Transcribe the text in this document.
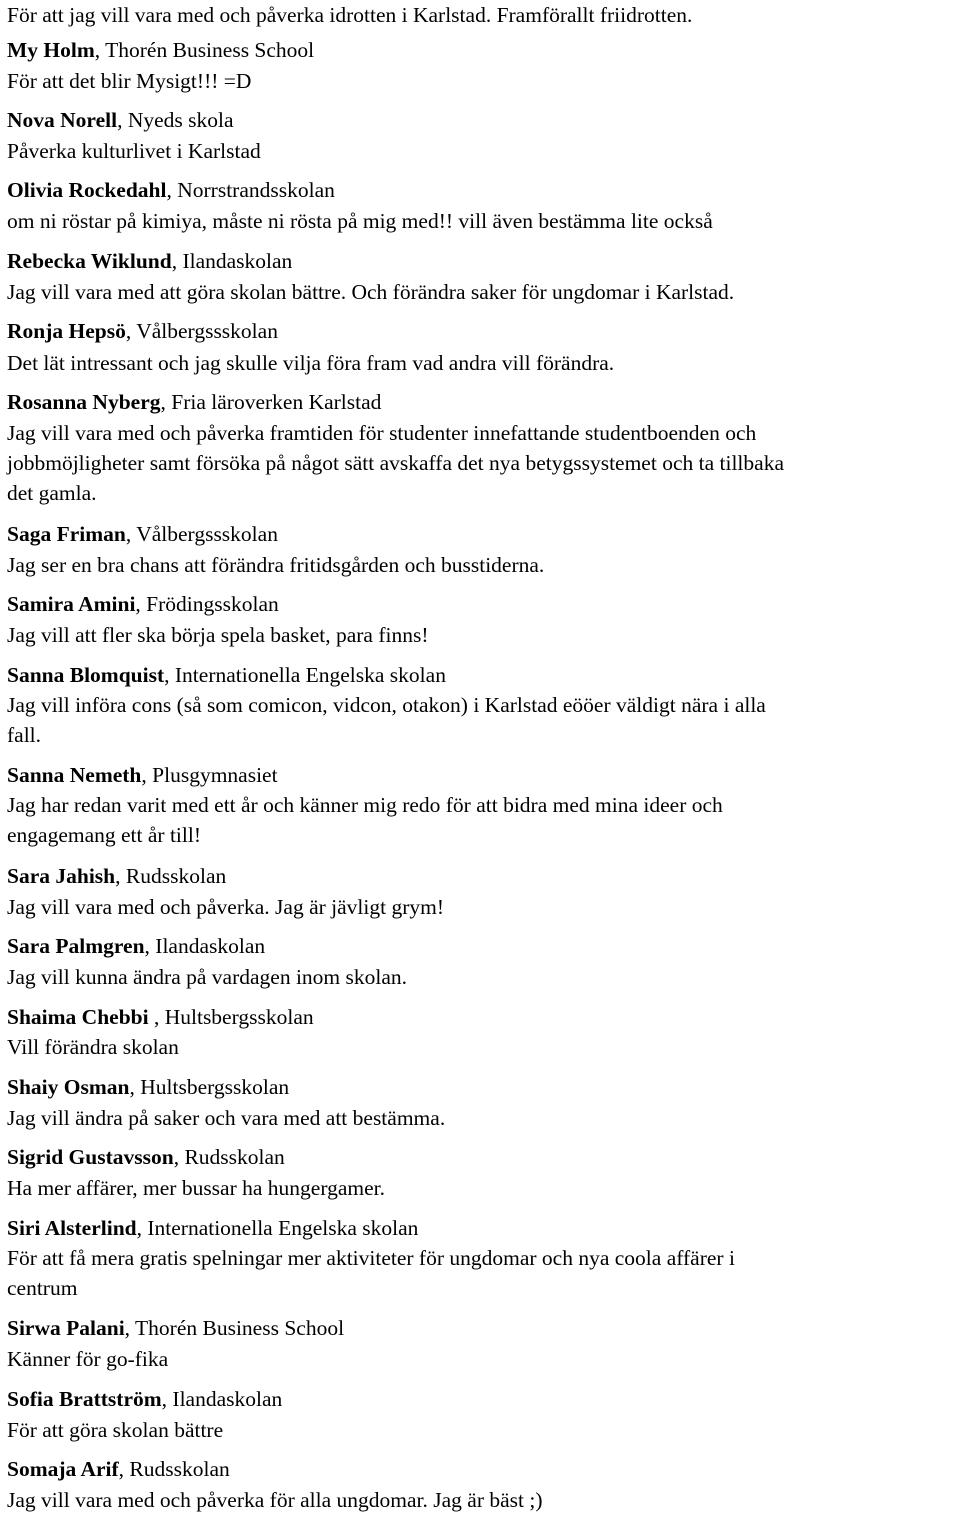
För att jag vill vara med och påverka idrotten i Karlstad. Framförallt friidrotten.
My Holm, Thorén Business School
För att det blir Mysigt!!! =D
Nova Norell, Nyeds skola
Påverka kulturlivet i Karlstad
Olivia Rockedahl, Norrstrandsskolan
om ni röstar på kimiya, måste ni rösta på mig med!! vill även bestämma lite också
Rebecka Wiklund, Ilandaskolan
Jag vill vara med att göra skolan bättre. Och förändra saker för ungdomar i Karlstad.
Ronja Hepsö, Vålbergssskolan
Det lät intressant och jag skulle vilja föra fram vad andra vill förändra.
Rosanna Nyberg, Fria läroverken Karlstad
Jag vill vara med och påverka framtiden för studenter innefattande studentboenden och
jobbmöjligheter samt försöka på något sätt avskaffa det nya betygssystemet och ta tillbaka
det gamla.
Saga Friman, Vålbergssskolan
Jag ser en bra chans att förändra fritidsgården och busstiderna.
Samira Amini, Frödingsskolan
Jag vill att fler ska börja spela basket, para finns!
Sanna Blomquist, Internationella Engelska skolan
Jag vill införa cons (så som comicon, vidcon, otakon) i Karlstad eööer väldigt nära i alla
fall.
Sanna Nemeth, Plusgymnasiet
Jag har redan varit med ett år och känner mig redo för att bidra med mina ideer och
engagemang ett år till!
Sara Jahish, Rudsskolan
Jag vill vara med och påverka. Jag är jävligt grym!
Sara Palmgren, Ilandaskolan
Jag vill kunna ändra på vardagen inom skolan.
Shaima Chebbi , Hultsbergsskolan
Vill förändra skolan
Shaiy Osman, Hultsbergsskolan
Jag vill ändra på saker och vara med att bestämma.
Sigrid Gustavsson, Rudsskolan
Ha mer affärer, mer bussar ha hungergamer.
Siri Alsterlind, Internationella Engelska skolan
För att få mera gratis spelningar mer aktiviteter för ungdomar och nya coola affärer i
centrum
Sirwa Palani, Thorén Business School
Känner för go-fika
Sofia Brattström, Ilandaskolan
För att göra skolan bättre
Somaja Arif, Rudsskolan
Jag vill vara med och påverka för alla ungdomar. Jag är bäst ;)
